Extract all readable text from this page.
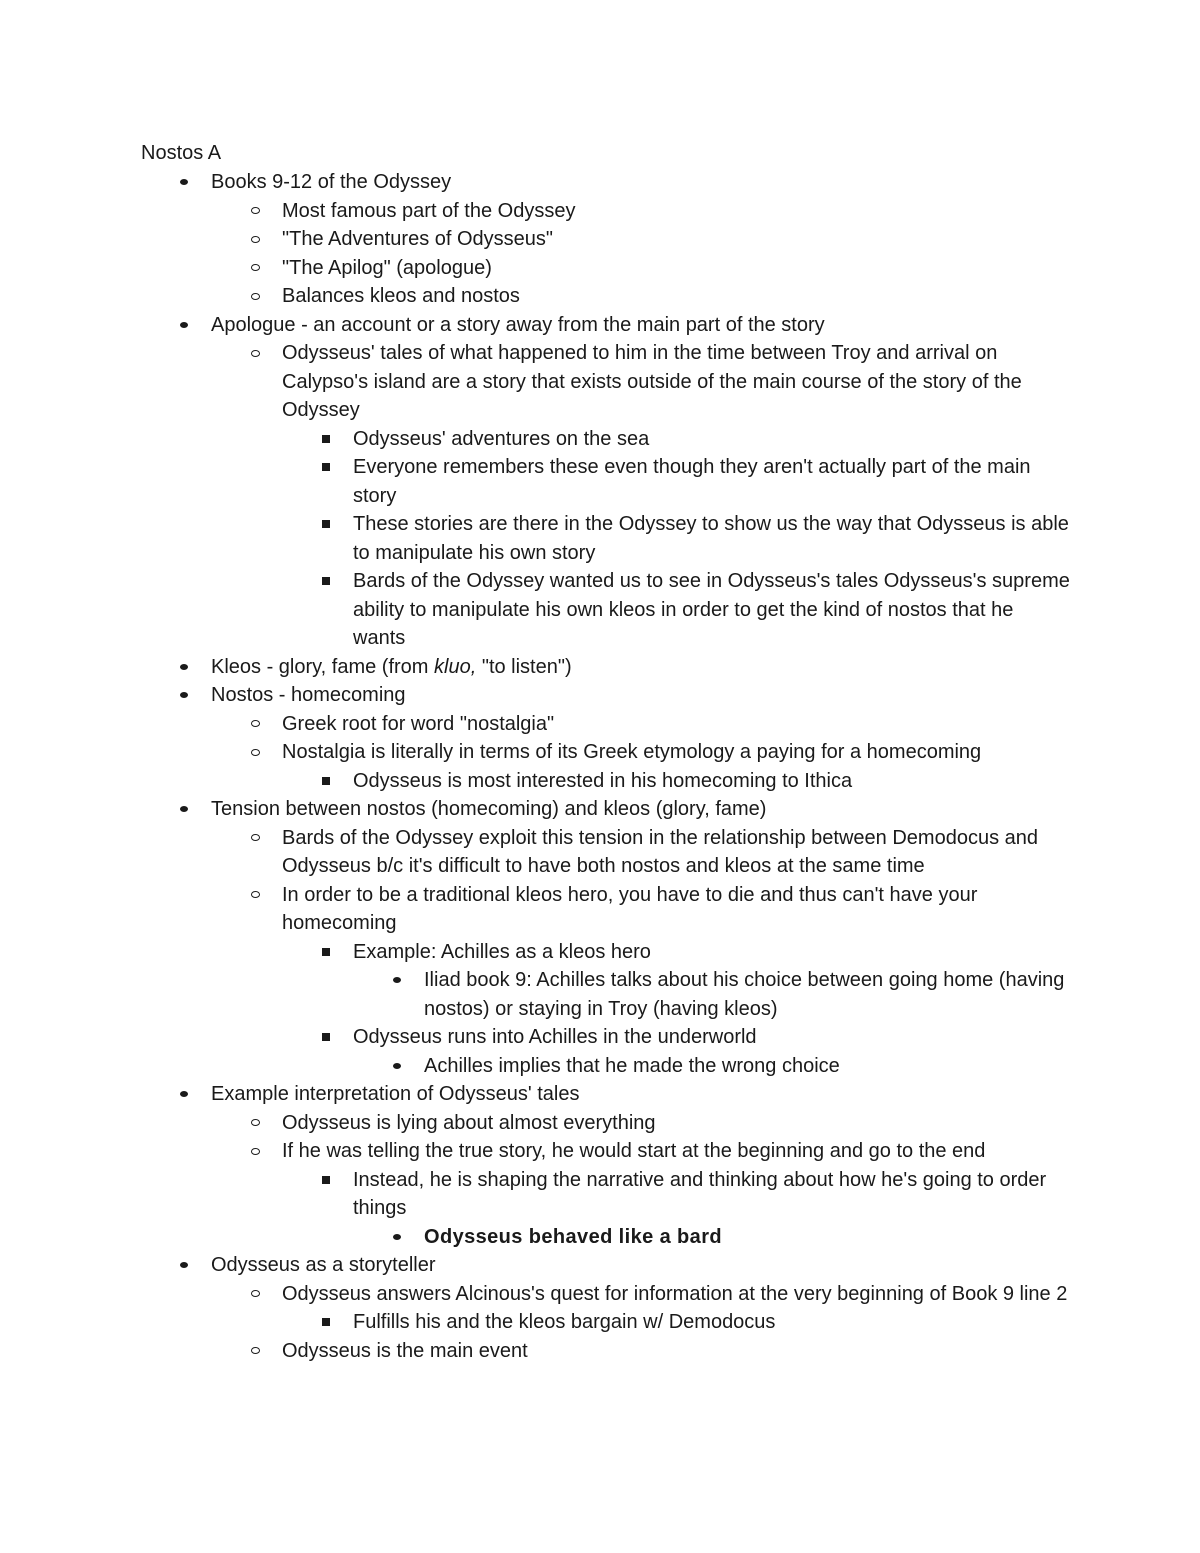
Nostos A
Books 9-12 of the Odyssey
Most famous part of the Odyssey
"The Adventures of Odysseus"
"The Apilog" (apologue)
Balances kleos and nostos
Apologue - an account or a story away from the main part of the story
Odysseus' tales of what happened to him in the time between Troy and arrival on Calypso's island are a story that exists outside of the main course of the story of the Odyssey
Odysseus' adventures on the sea
Everyone remembers these even though they aren't actually part of the main story
These stories are there in the Odyssey to show us the way that Odysseus is able to manipulate his own story
Bards of the Odyssey wanted us to see in Odysseus's tales Odysseus's supreme ability to manipulate his own kleos in order to get the kind of nostos that he wants
Kleos - glory, fame (from kluo, "to listen")
Nostos - homecoming
Greek root for word "nostalgia"
Nostalgia is literally in terms of its Greek etymology a paying for a homecoming
Odysseus is most interested in his homecoming to Ithica
Tension between nostos (homecoming) and kleos (glory, fame)
Bards of the Odyssey exploit this tension in the relationship between Demodocus and Odysseus b/c it's difficult to have both nostos and kleos at the same time
In order to be a traditional kleos hero, you have to die and thus can't have your homecoming
Example: Achilles as a kleos hero
Iliad book 9: Achilles talks about his choice between going home (having nostos) or staying in Troy (having kleos)
Odysseus runs into Achilles in the underworld
Achilles implies that he made the wrong choice
Example interpretation of Odysseus' tales
Odysseus is lying about almost everything
If he was telling the true story, he would start at the beginning and go to the end
Instead, he is shaping the narrative and thinking about how he's going to order things
Odysseus behaved like a bard
Odysseus as a storyteller
Odysseus answers Alcinous's quest for information at the very beginning of Book 9 line 2
Fulfills his and the kleos bargain w/ Demodocus
Odysseus is the main event
